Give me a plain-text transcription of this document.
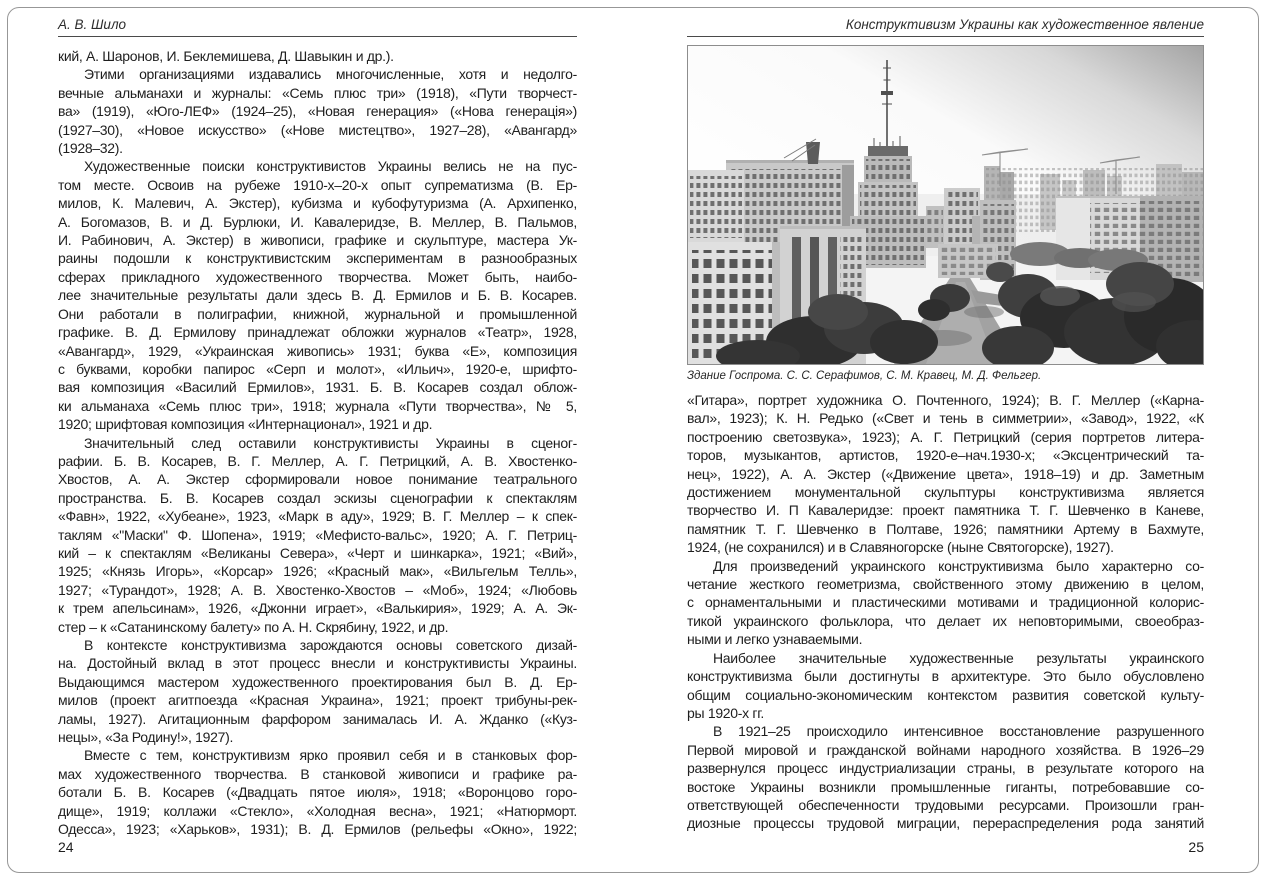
А. В. Шило
кий, А. Шаронов, И. Беклемишева, Д. Шавыкин и др.).
Этими организациями издавались многочисленные, хотя и недолго-
вечные альманахи и журналы: «Семь плюс три» (1918), «Пути творчест-
ва» (1919), «Юго-ЛЕФ» (1924–25), «Новая генерация» («Нова генерація»)
(1927–30), «Новое искусство» («Нове мистецтво», 1927–28), «Авангард»
(1928–32).
Художественные поиски конструктивистов Украины велись не на пус-
том месте. Освоив на рубеже 1910-х–20-х опыт супрематизма (В. Ер-
милов, К. Малевич, А. Экстер), кубизма и кубофутуризма (А. Архипенко,
А. Богомазов, В. и Д. Бурлюки, И. Кавалеридзе, В. Меллер, В. Пальмов,
И. Рабинович, А. Экстер) в живописи, графике и скульптуре, мастера Ук-
раины подошли к конструктивистским экспериментам в разнообразных
сферах прикладного художественного творчества. Может быть, наибо-
лее значительные результаты дали здесь В. Д. Ермилов и Б. В. Косарев.
Они работали в полиграфии, книжной, журнальной и промышленной
графике. В. Д. Ермилову принадлежат обложки журналов «Театр», 1928,
«Авангард», 1929, «Украинская живопись» 1931; буква «Е», композиция
с буквами, коробки папирос «Серп и молот», «Ильич», 1920-е, шрифто-
вая композиция «Василий Ермилов», 1931. Б. В. Косарев создал облож-
ки альманаха «Семь плюс три», 1918; журнала «Пути творчества», № 5,
1920; шрифтовая композиция «Интернационал», 1921 и др.
Значительный след оставили конструктивисты Украины в сценог-
рафии. Б. В. Косарев, В. Г. Меллер, А. Г. Петрицкий, А. В. Хвостенко-
Хвостов, А. А. Экстер сформировали новое понимание театрального
пространства. Б. В. Косарев создал эскизы сценографии к спектаклям
«Фавн», 1922, «Хубеане», 1923, «Марк в аду», 1929; В. Г. Меллер – к спек-
таклям «"Маски" Ф. Шопена», 1919; «Мефисто-вальс», 1920; А. Г. Петриц-
кий – к спектаклям «Великаны Севера», «Черт и шинкарка», 1921; «Вий»,
1925; «Князь Игорь», «Корсар» 1926; «Красный мак», «Вильгельм Телль»,
1927; «Турандот», 1928; А. В. Хвостенко-Хвостов – «Моб», 1924; «Любовь
к трем апельсинам», 1926, «Джонни играет», «Валькирия», 1929; А. А. Эк-
стер – к «Сатанинскому балету» по А. Н. Скрябину, 1922, и др.
В контексте конструктивизма зарождаются основы советского дизай-
на. Достойный вклад в этот процесс внесли и конструктивисты Украины.
Выдающимся мастером художественного проектирования был В. Д. Ер-
милов (проект агитпоезда «Красная Украина», 1921; проект трибуны-рек-
ламы, 1927). Агитационным фарфором занималась И. А. Жданко («Куз-
нецы», «За Родину!», 1927).
Вместе с тем, конструктивизм ярко проявил себя и в станковых фор-
мах художественного творчества. В станковой живописи и графике ра-
ботали Б. В. Косарев («Двадцать пятое июля», 1918; «Воронцово горо-
дище», 1919; коллажи «Стекло», «Холодная весна», 1921; «Натюрморт.
Одесса», 1923; «Харьков», 1931); В. Д. Ермилов (рельефы «Окно», 1922;
Конструктивизм Украины как художественное явление
Здание Госпрома. С. С. Серафимов, С. М. Кравец, М. Д. Фельгер.
«Гитара», портрет художника О. Почтенного, 1924); В. Г. Меллер («Карна-
вал», 1923); К. Н. Редько («Свет и тень в симметрии», «Завод», 1922, «К
построению светозвука», 1923); А. Г. Петрицкий (серия портретов литера-
торов, музыкантов, артистов, 1920-е–нач.1930-х; «Эксцентрический та-
нец», 1922), А. А. Экстер («Движение цвета», 1918–19) и др. Заметным
достижением монументальной скульптуры конструктивизма является
творчество И. П Кавалеридзе: проект памятника Т. Г. Шевченко в Каневе,
памятник Т. Г. Шевченко в Полтаве, 1926; памятники Артему в Бахмуте,
1924, (не сохранился) и в Славяногорске (ныне Святогорске), 1927).
Для произведений украинского конструктивизма было характерно со-
четание жесткого геометризма, свойственного этому движению в целом,
с орнаментальными и пластическими мотивами и традиционной колорис-
тикой украинского фольклора, что делает их неповторимыми, своеобраз-
ными и легко узнаваемыми.
Наиболее значительные художественные результаты украинского
конструктивизма были достигнуты в архитектуре. Это было обусловлено
общим социально-экономическим контекстом развития советской культу-
ры 1920-х гг.
В 1921–25 происходило интенсивное восстановление разрушенного
Первой мировой и гражданской войнами народного хозяйства. В 1926–29
развернулся процесс индустриализации страны, в результате которого на
востоке Украины возникли промышленные гиганты, потребовавшие со-
ответствующей обеспеченности трудовыми ресурсами. Произошли гран-
диозные процессы трудовой миграции, перераспределения рода занятий
24	25
